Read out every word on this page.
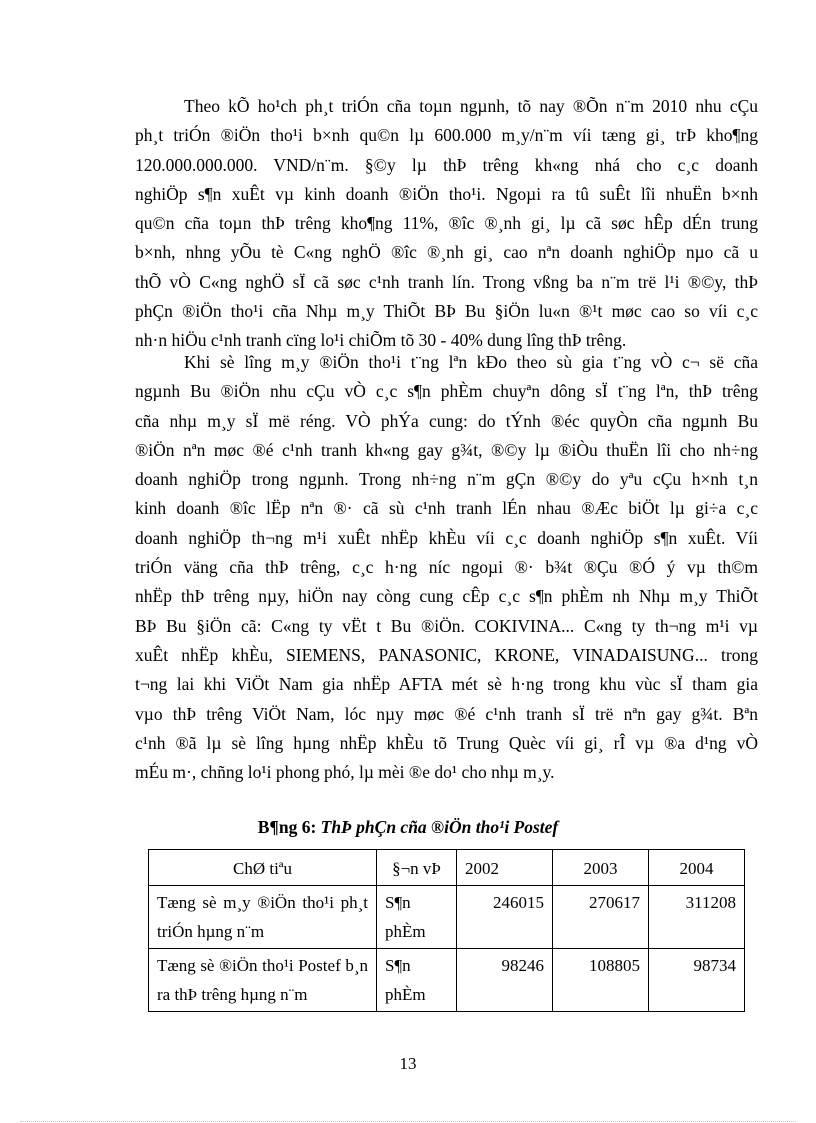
Theo kÕ ho¹ch ph¸t triÓn cña toµn ngµnh, tõ nay ®Õn n¨m 2010 nhu cÇu
ph¸t triÓn ®iÖn tho¹i b×nh qu©n lµ 600.000 m¸y/n¨m víi tæng gi¸ trÞ kho¶ng
120.000.000.000. VND/n¨m. §©y lµ thÞ trêng kh«ng nhá cho c¸c doanh
nghiÖp s¶n xuÊt vµ kinh doanh ®iÖn tho¹i. Ngoµi ra tû suÊt lîi nhuËn b×nh
qu©n cña toµn thÞ trêng kho¶ng 11%, ®îc ®¸nh gi¸ lµ cã søc hÊp dÉn trung
b×nh, nhng yÕu tè C«ng nghÖ ®îc ®¸nh gi¸ cao nªn doanh nghiÖp nµo cã u
thÕ vÒ C«ng nghÖ sÏ cã søc c¹nh tranh lín. Trong vßng ba n¨m trë l¹i ®©y, thÞ
phÇn ®iÖn tho¹i cña Nhµ m¸y ThiÕt BÞ Bu §iÖn lu«n ®¹t møc cao so víi c¸c
nh·n hiÖu c¹nh tranh cïng lo¹i chiÕm tõ 30 - 40% dung lîng thÞ trêng.
Khi sè lîng m¸y ®iÖn tho¹i t¨ng lªn kÐo theo sù gia t¨ng vÒ c¬ së cña
ngµnh Bu ®iÖn nhu cÇu vÒ c¸c s¶n phÈm chuyªn dông sÏ t¨ng lªn, thÞ trêng
cña nhµ m¸y sÏ më réng. VÒ phÝa cung: do tÝnh ®éc quyÒn cña ngµnh Bu
®iÖn nªn møc ®é c¹nh tranh kh«ng gay g¾t, ®©y lµ ®iÒu thuËn lîi cho nh÷ng
doanh nghiÖp trong ngµnh. Trong nh÷ng n¨m gÇn ®©y do yªu cÇu h×nh t¸n
kinh doanh ®îc lËp nªn ®· cã sù c¹nh tranh lÉn nhau ®Æc biÖt lµ gi÷a c¸c
doanh nghiÖp th¬ng m¹i xuÊt nhËp khÈu víi c¸c doanh nghiÖp s¶n xuÊt. Víi
triÓn väng cña thÞ trêng, c¸c h·ng níc ngoµi ®· b¾t ®Çu ®Ó ý vµ th©m
nhËp thÞ trêng nµy, hiÖn nay còng cung cÊp c¸c s¶n phÈm nh Nhµ m¸y ThiÕt
BÞ Bu §iÖn cã: C«ng ty vËt t Bu ®iÖn. COKIVINA... C«ng ty th¬ng m¹i vµ
xuÊt nhËp khÈu, SIEMENS, PANASONIC, KRONE, VINADAISUNG... trong
t¬ng lai khi ViÖt Nam gia nhËp AFTA mét sè h·ng trong khu vùc sÏ tham gia
vµo thÞ trêng ViÖt Nam, lóc nµy møc ®é c¹nh tranh sÏ trë nªn gay g¾t. Bªn
c¹nh ®ã lµ sè lîng hµng nhËp khÈu tõ Trung Quèc víi gi¸ rÎ vµ ®a d¹ng vÒ
mÉu m·, chñng lo¹i phong phó, lµ mèi ®e do¹ cho nhµ m¸y.
B¶ng 6: ThÞ phÇn cña ®iÖn tho¹i Postef
ChØ tiªu	§¬n vÞ	2002	2003	2004
Tæng sè m¸y ®iÖn tho¹i ph¸t triÓn hµng n¨m	S¶n phÈm	246015	270617	311208
Tæng sè ®iÖn tho¹i Postef b¸n ra thÞ trêng hµng n¨m	S¶n phÈm	98246	108805	98734
13
